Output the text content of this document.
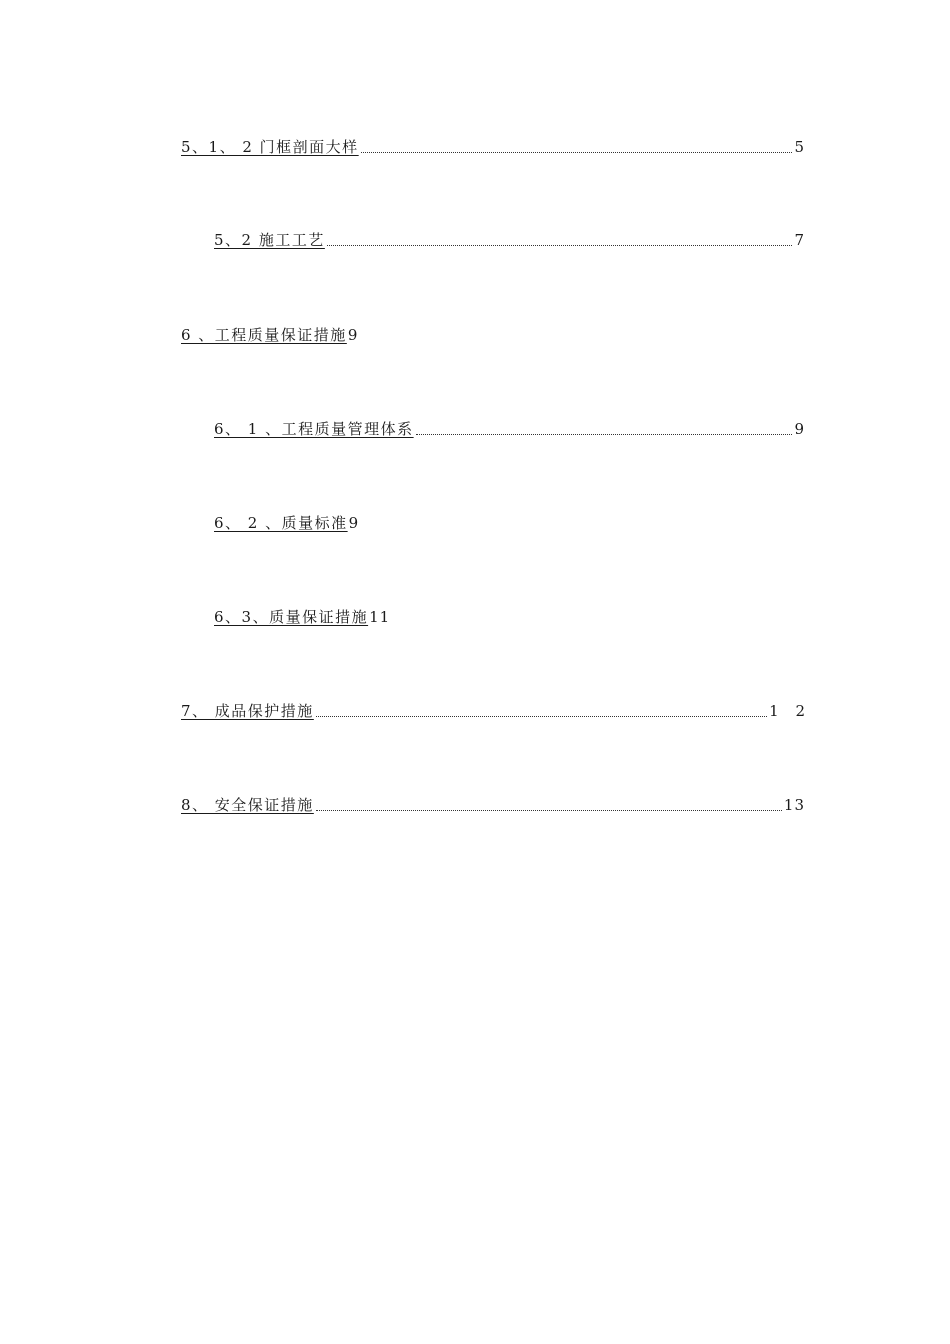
5、1、 2 门框剖面大样	5
5、2 施工工艺	7
6 、工程质量保证措施 9
6、 1 、工程质量管理体系	9
6、 2 、质量标准 9
6、3、质量保证措施 11
7、 成品保护措施	1 2
8、 安全保证措施	13
